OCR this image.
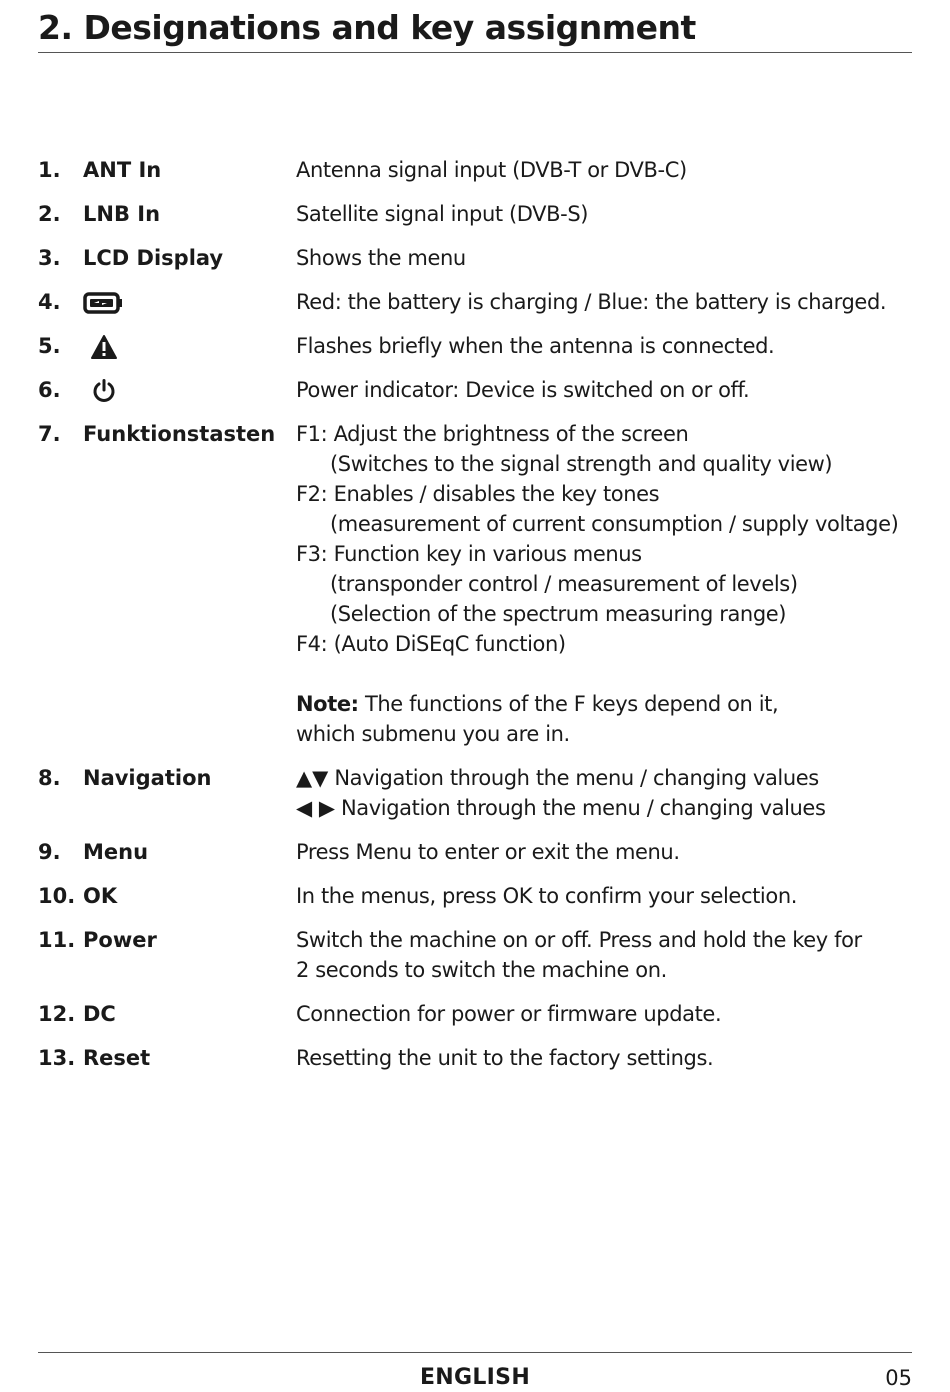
2. Designations and key assignment
1. ANT In	Antenna signal input (DVB-T or DVB-C)
2. LNB In	Satellite signal input (DVB-S)
3. LCD Display	Shows the menu
4.	Red: the battery is charging / Blue: the battery is charged.
5.	Flashes briefly when the antenna is connected.
6.	Power indicator: Device is switched on or off.
7. Funktionstasten F1: Adjust the brightness of the screen
(Switches to the signal strength and quality view)
F2: Enables / disables the key tones
(measurement of current consumption / supply voltage)
F3: Function key in various menus
(transponder control / measurement of levels)
(Selection of the spectrum measuring range)
F4: (Auto DiSEqC function)
Note: The functions of the F keys depend on it,
which submenu you are in.
8. Navigation	▲▼ Navigation through the menu / changing values
◀ ▶ Navigation through the menu / changing values
9. Menu	Press Menu to enter or exit the menu.
10. OK	In the menus, press OK to confirm your selection.
11. Power	Switch the machine on or off. Press and hold the key for
2 seconds to switch the machine on.
12. DC	Connection for power or firmware update.
13. Reset	Resetting the unit to the factory settings.
ENGLISH	05
